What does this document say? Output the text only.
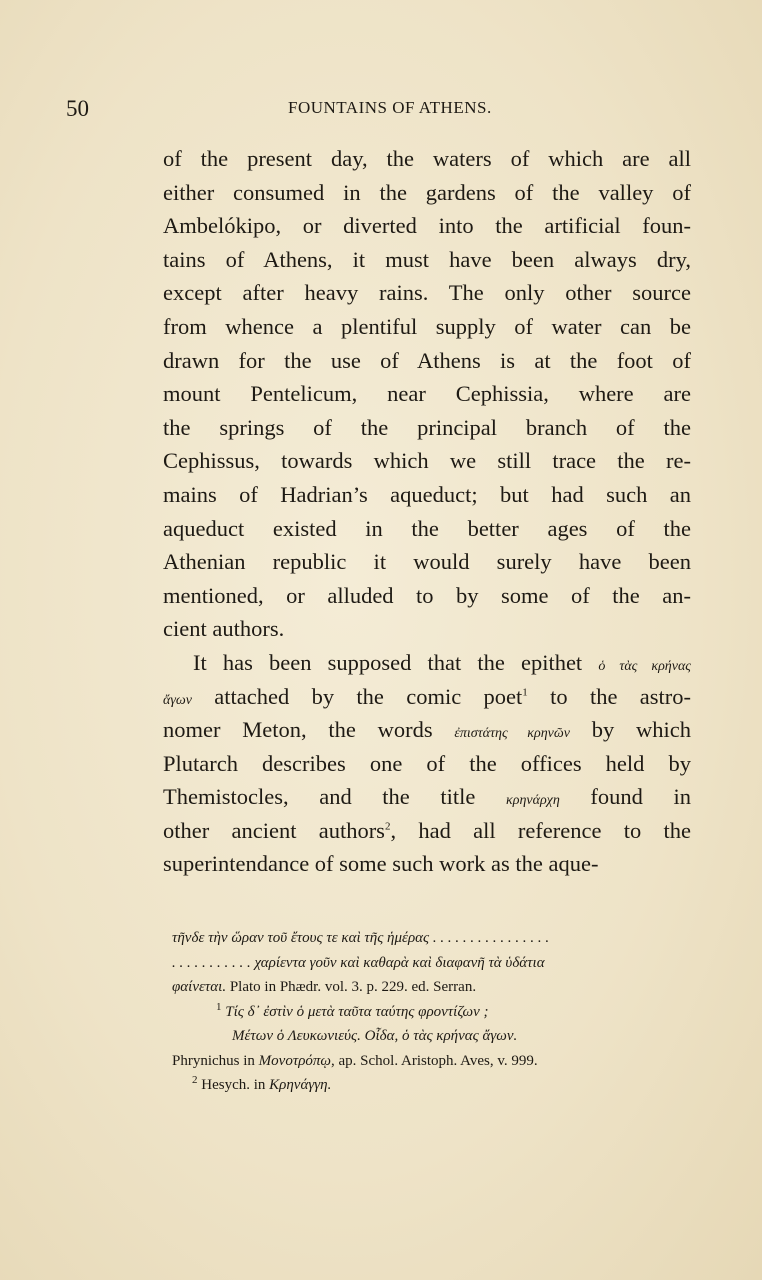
50	FOUNTAINS OF ATHENS.
of the present day, the waters of which are all
either consumed in the gardens of the valley of
Ambelókipo, or diverted into the artificial foun-
tains of Athens, it must have been always dry,
except after heavy rains. The only other source
from whence a plentiful supply of water can be
drawn for the use of Athens is at the foot of
mount Pentelicum, near Cephissia, where are
the springs of the principal branch of the
Cephissus, towards which we still trace the re-
mains of Hadrian’s aqueduct; but had such an
aqueduct existed in the better ages of the
Athenian republic it would surely have been
mentioned, or alluded to by some of the an-
cient authors.
It has been supposed that the epithet ὁ τὰς κρήνας
ἄγων attached by the comic poet$^1$ to the astro-
nomer Meton, the words ἐπιστάτης κρηνῶν by which
Plutarch describes one of the offices held by
Themistocles, and the title κρηνάρχη found in
other ancient authors$^2$, had all reference to the
superintendance of some such work as the aque-
τῆνδε τὴν ὥραν τοῦ ἔτους τε καὶ τῆς ἡμέρας . . . . . . . . . . . . . . . .
. . . . . . . . . . . χαρίεντα γοῦν καὶ καθαρὰ καὶ διαφανῆ τὰ ὑδάτια
φαίνεται. Plato in Phædr. vol. 3. p. 229. ed. Serran.
$^1$ Τίς δ᾽ ἐστὶν ὁ μετὰ ταῦτα ταύτης φροντίζων ;
Μέτων ὁ Λευκωνιεύς. Οἶδα, ὁ τὰς κρήνας ἄγων.
Phrynichus in Μονοτρόπῳ, ap. Schol. Aristoph. Aves, v. 999.
$^2$ Hesych. in Κρηνάγγη.
